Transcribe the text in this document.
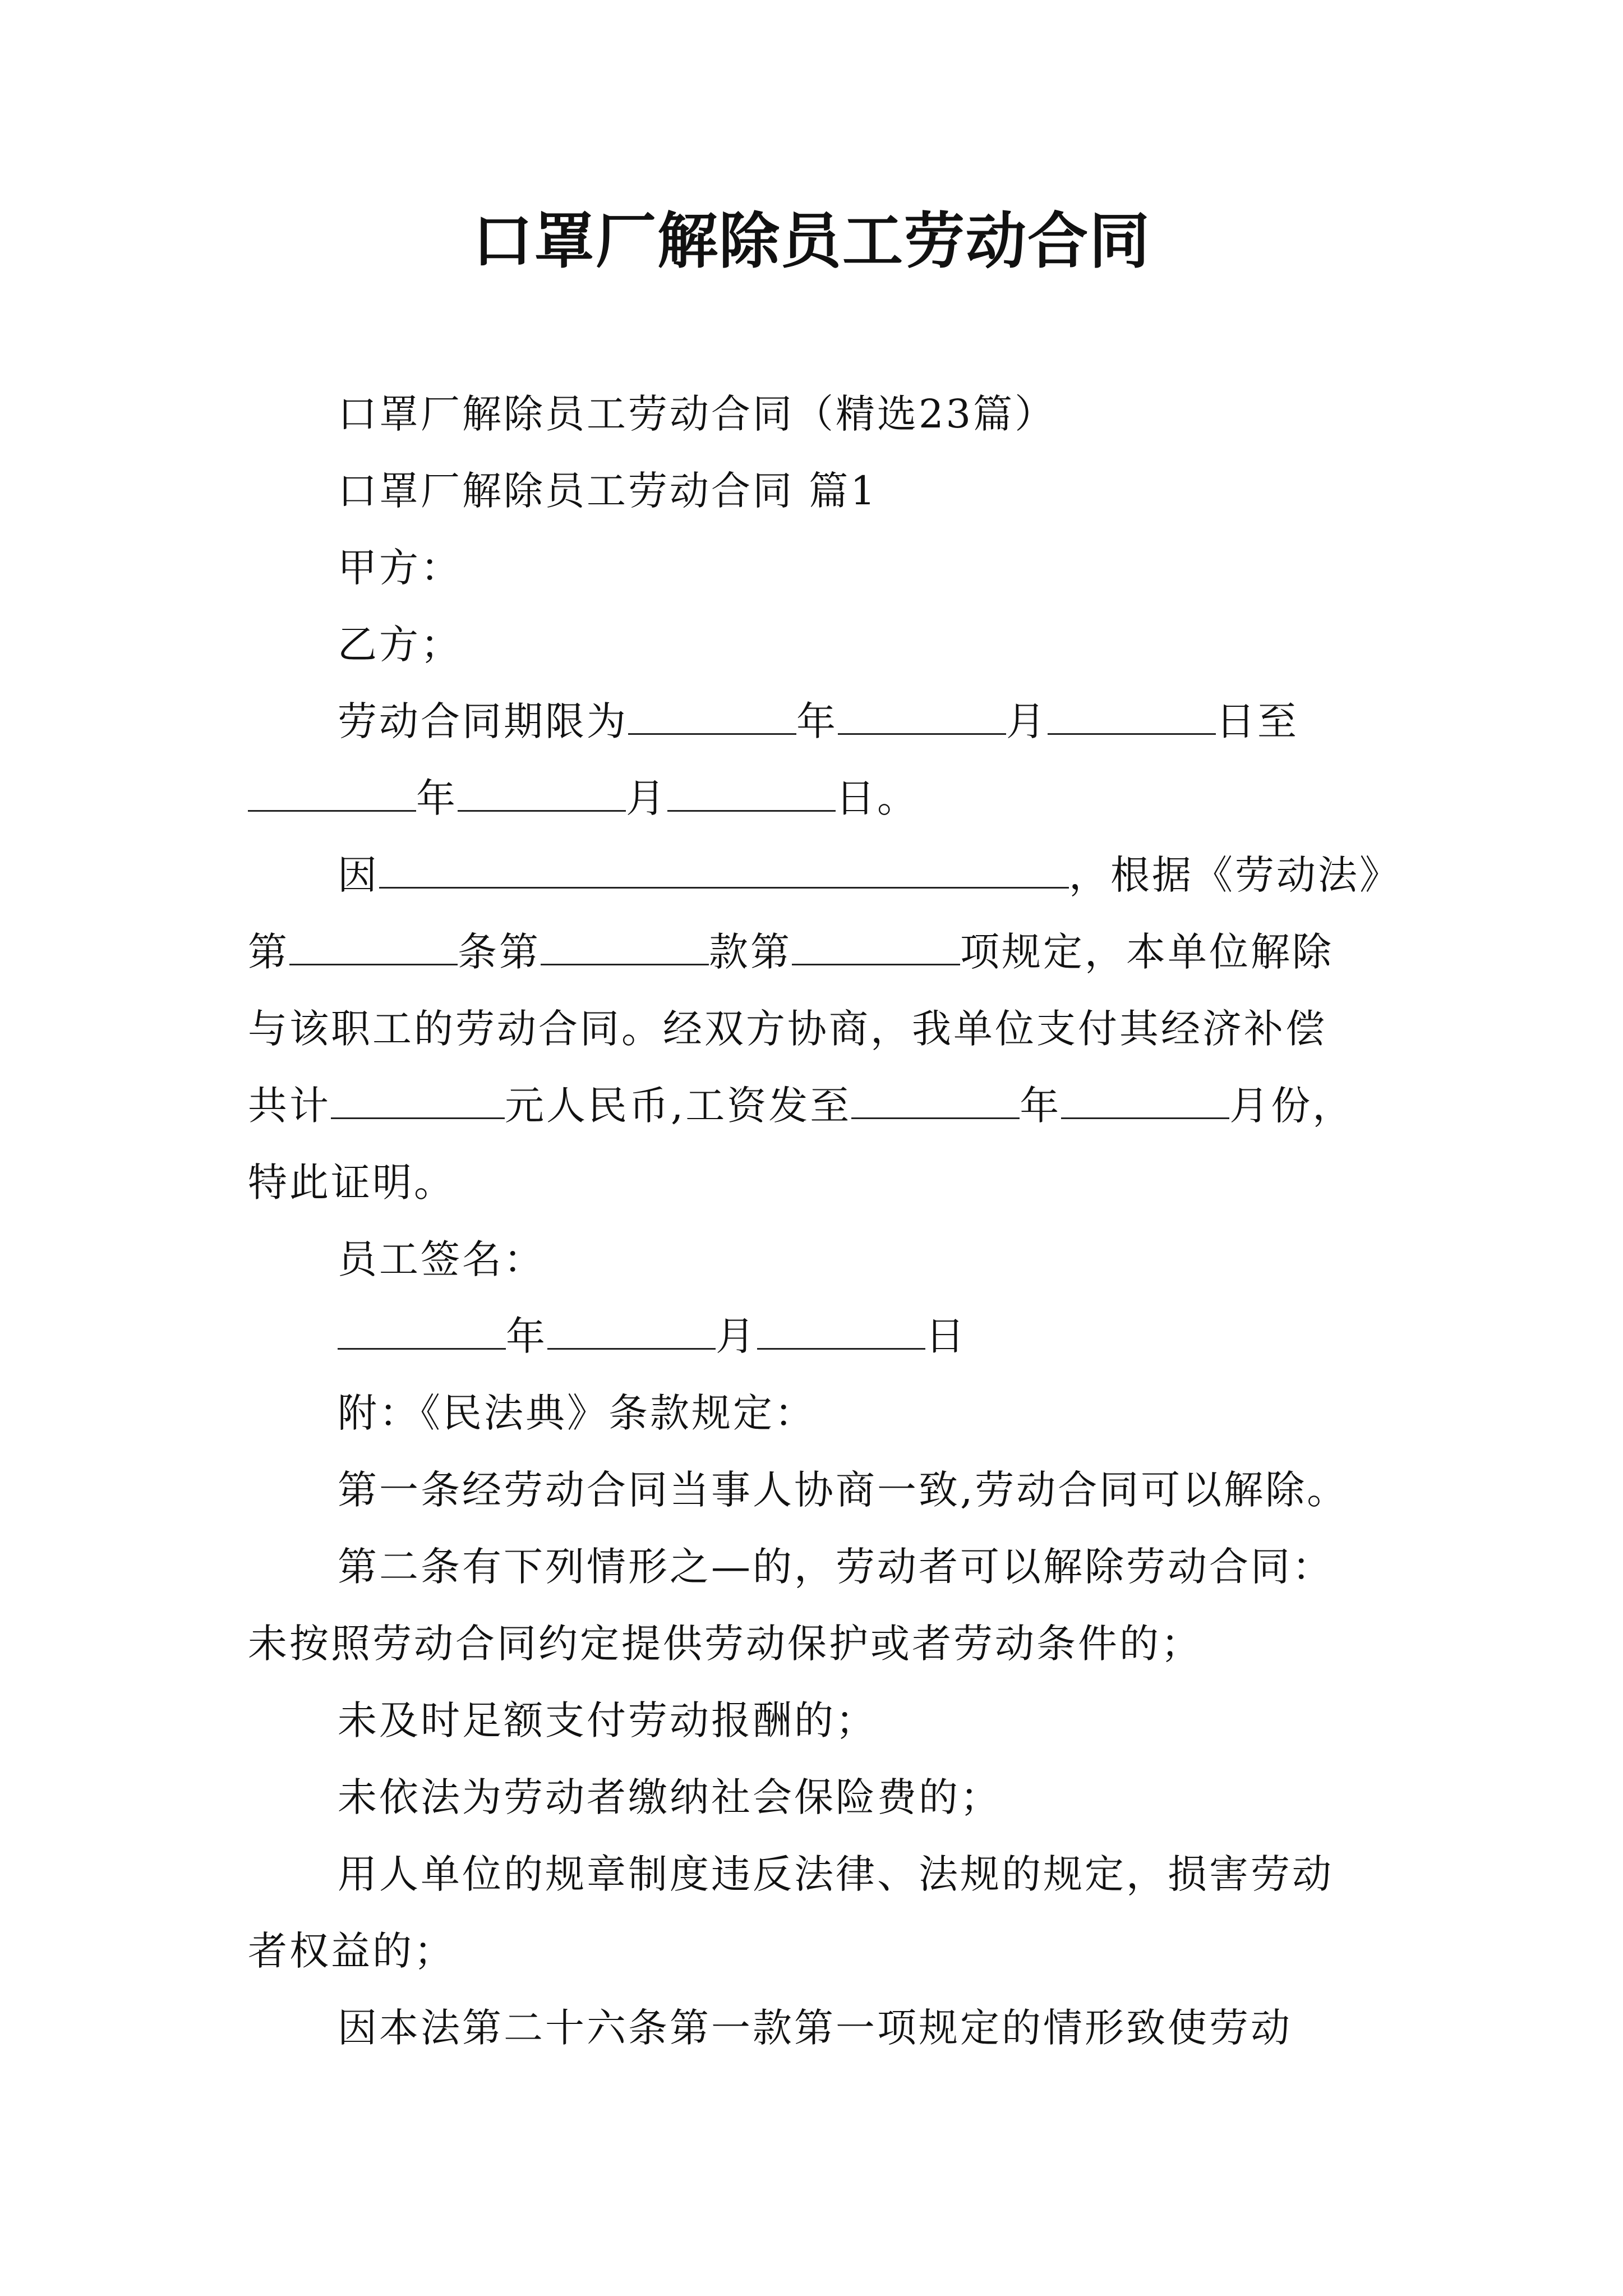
口罩厂解除员工劳动合同
口罩厂解除员工劳动合同（精选23篇）
口罩厂解除员工劳动合同 篇1
甲方：
乙方；
劳动合同期限为	年	月	日至
年	月	日。
因	，根据《劳动法》
第	条第	款第	项规定，本单位解除
与该职工的劳动合同。经双方协商，我单位支付其经济补偿
共计	元人民币,工资发至	年	月份，
特此证明。
员工签名：
年	月	日
附：《民法典》条款规定：
第一条经劳动合同当事人协商一致,劳动合同可以解除。
第二条有下列情形之—的，劳动者可以解除劳动合同：
未按照劳动合同约定提供劳动保护或者劳动条件的；
未及时足额支付劳动报酬的；
未依法为劳动者缴纳社会保险费的；
用人单位的规章制度违反法律、法规的规定，损害劳动
者权益的；
因本法第二十六条第一款第一项规定的情形致使劳动
